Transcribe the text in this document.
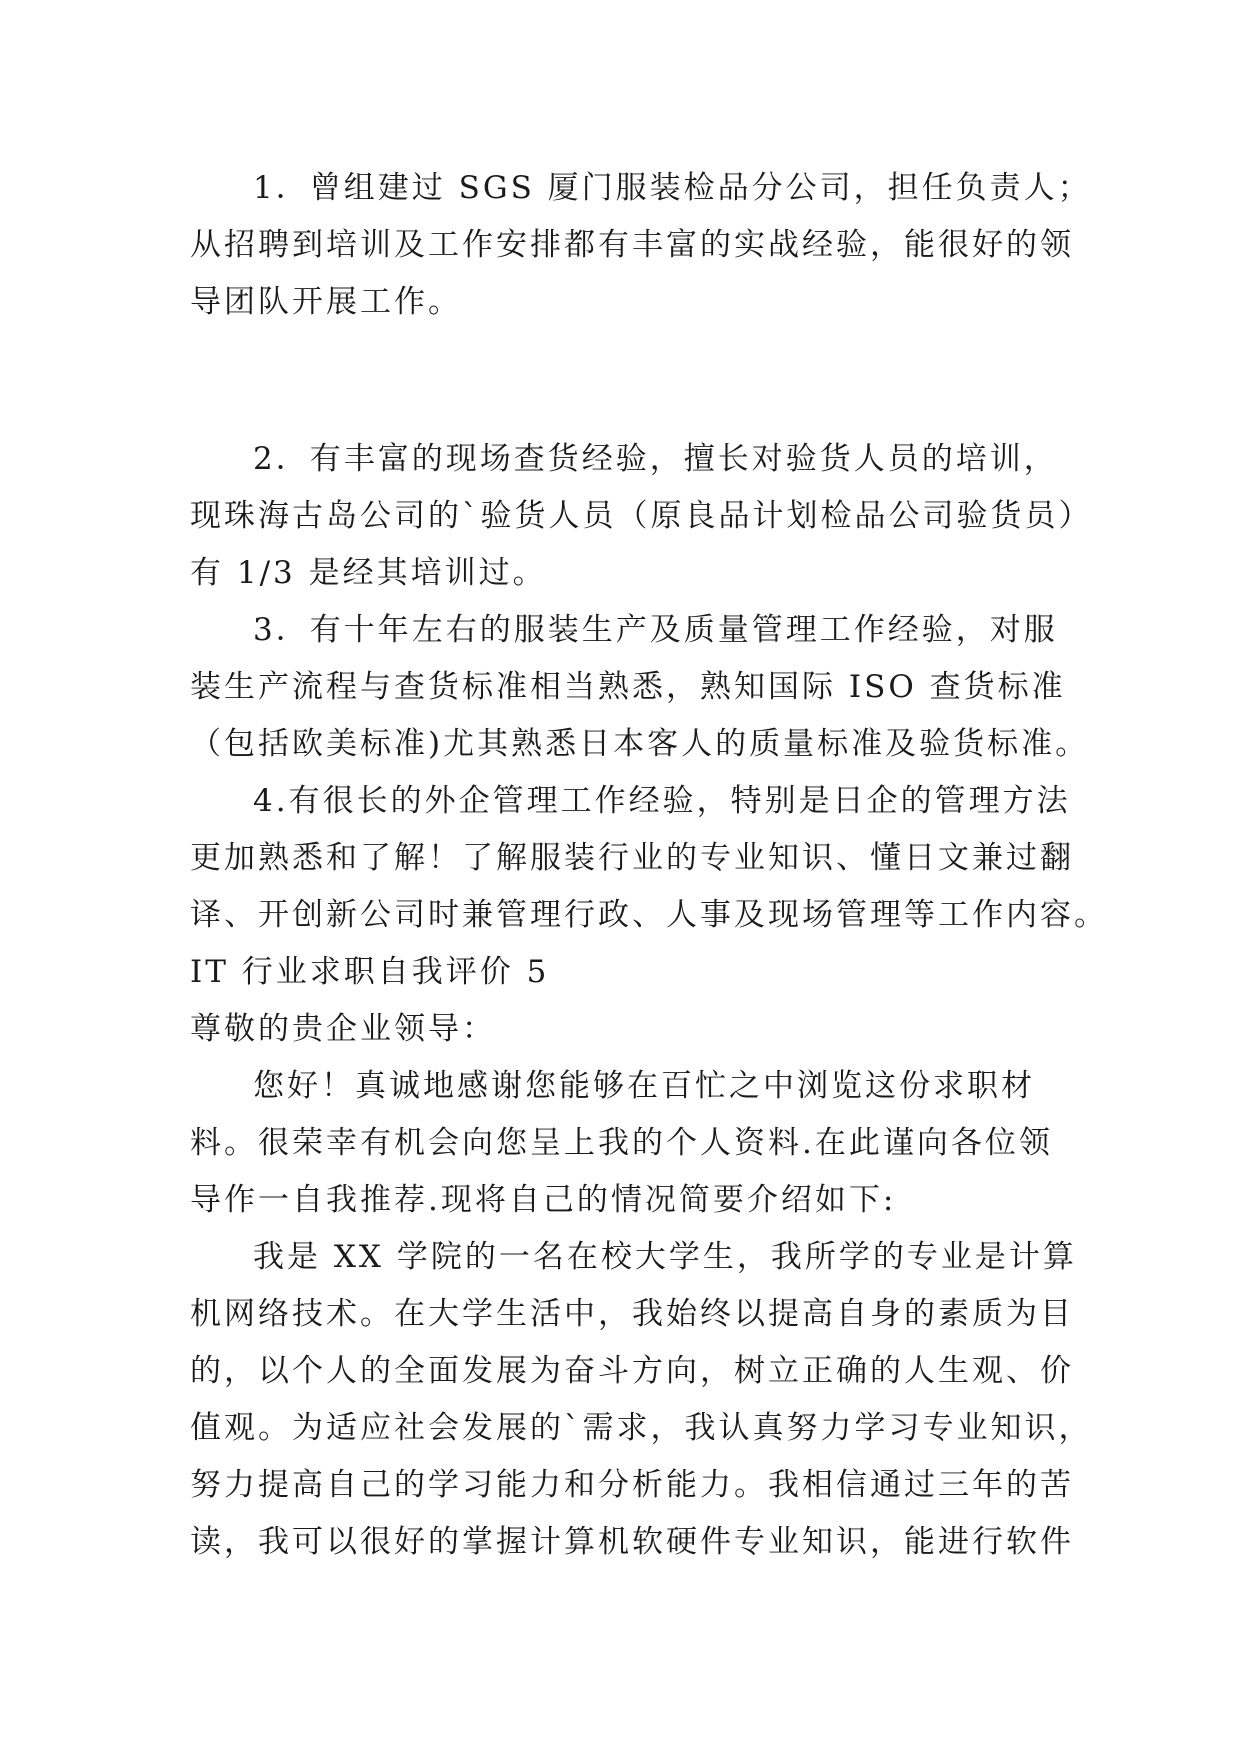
1．曾组建过 SGS 厦门服装检品分公司，担任负责人；
从招聘到培训及工作安排都有丰富的实战经验，能很好的领
导团队开展工作。
2．有丰富的现场查货经验，擅长对验货人员的培训，
现珠海古岛公司的`验货人员（原良品计划检品公司验货员）
有 1/3 是经其培训过。
3．有十年左右的服装生产及质量管理工作经验，对服
装生产流程与查货标准相当熟悉，熟知国际 ISO 查货标准
（包括欧美标准)尤其熟悉日本客人的质量标准及验货标准。
4.有很长的外企管理工作经验，特别是日企的管理方法
更加熟悉和了解！了解服装行业的专业知识、懂日文兼过翻
译、开创新公司时兼管理行政、人事及现场管理等工作内容。
IT 行业求职自我评价 5
尊敬的贵企业领导：
您好！真诚地感谢您能够在百忙之中浏览这份求职材
料。很荣幸有机会向您呈上我的个人资料.在此谨向各位领
导作一自我推荐.现将自己的情况简要介绍如下:
我是 XX 学院的一名在校大学生，我所学的专业是计算
机网络技术。在大学生活中，我始终以提高自身的素质为目
的，以个人的全面发展为奋斗方向，树立正确的人生观、价
值观。为适应社会发展的`需求，我认真努力学习专业知识，
努力提高自己的学习能力和分析能力。我相信通过三年的苦
读，我可以很好的掌握计算机软硬件专业知识，能进行软件
